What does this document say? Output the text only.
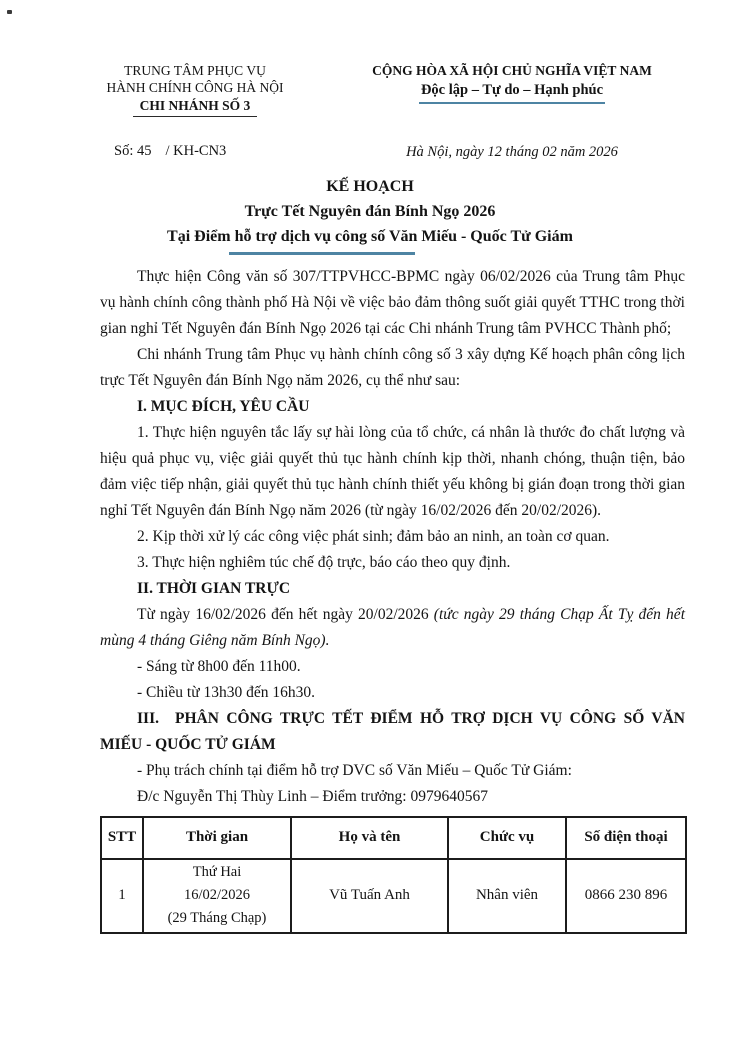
TRUNG TÂM PHỤC VỤ
HÀNH CHÍNH CÔNG HÀ NỘI
CHI NHÁNH SỐ 3
Số: 45 / KH-CN3
CỘNG HÒA XÃ HỘI CHỦ NGHĨA VIỆT NAM
Độc lập – Tự do – Hạnh phúc
Hà Nội, ngày 12 tháng 02 năm 2026
KẾ HOẠCH
Trực Tết Nguyên đán Bính Ngọ 2026
Tại Điểm hỗ trợ dịch vụ công số Văn Miếu - Quốc Tử Giám

Thực hiện Công văn số 307/TTPVHCC-BPMC ngày 06/02/2026 của Trung tâm Phục vụ hành chính công thành phố Hà Nội về việc bảo đảm thông suốt giải quyết TTHC trong thời gian nghỉ Tết Nguyên đán Bính Ngọ 2026 tại các Chi nhánh Trung tâm PVHCC Thành phố;

Chi nhánh Trung tâm Phục vụ hành chính công số 3 xây dựng Kế hoạch phân công lịch trực Tết Nguyên đán Bính Ngọ năm 2026, cụ thể như sau:

I. MỤC ĐÍCH, YÊU CẦU

1. Thực hiện nguyên tắc lấy sự hài lòng của tổ chức, cá nhân là thước đo chất lượng và hiệu quả phục vụ, việc giải quyết thủ tục hành chính kịp thời, nhanh chóng, thuận tiện, bảo đảm việc tiếp nhận, giải quyết thủ tục hành chính thiết yếu không bị gián đoạn trong thời gian nghỉ Tết Nguyên đán Bính Ngọ năm 2026 (từ ngày 16/02/2026 đến 20/02/2026).

2. Kịp thời xử lý các công việc phát sinh; đảm bảo an ninh, an toàn cơ quan.

3. Thực hiện nghiêm túc chế độ trực, báo cáo theo quy định.

II. THỜI GIAN TRỰC

Từ ngày 16/02/2026 đến hết ngày 20/02/2026 (tức ngày 29 tháng Chạp Ất Tỵ đến hết mùng 4 tháng Giêng năm Bính Ngọ).

- Sáng từ 8h00 đến 11h00.

- Chiều từ 13h30 đến 16h30.

III. PHÂN CÔNG TRỰC TẾT ĐIỂM HỖ TRỢ DỊCH VỤ CÔNG SỐ VĂN MIẾU - QUỐC TỬ GIÁM

- Phụ trách chính tại điểm hỗ trợ DVC số Văn Miếu – Quốc Tử Giám:

Đ/c Nguyễn Thị Thùy Linh – Điểm trưởng: 0979640567

STT	Thời gian	Họ và tên	Chức vụ	Số điện thoại
1	Thứ Hai
16/02/2026
(29 Tháng Chạp)	Vũ Tuấn Anh	Nhân viên	0866 230 896
